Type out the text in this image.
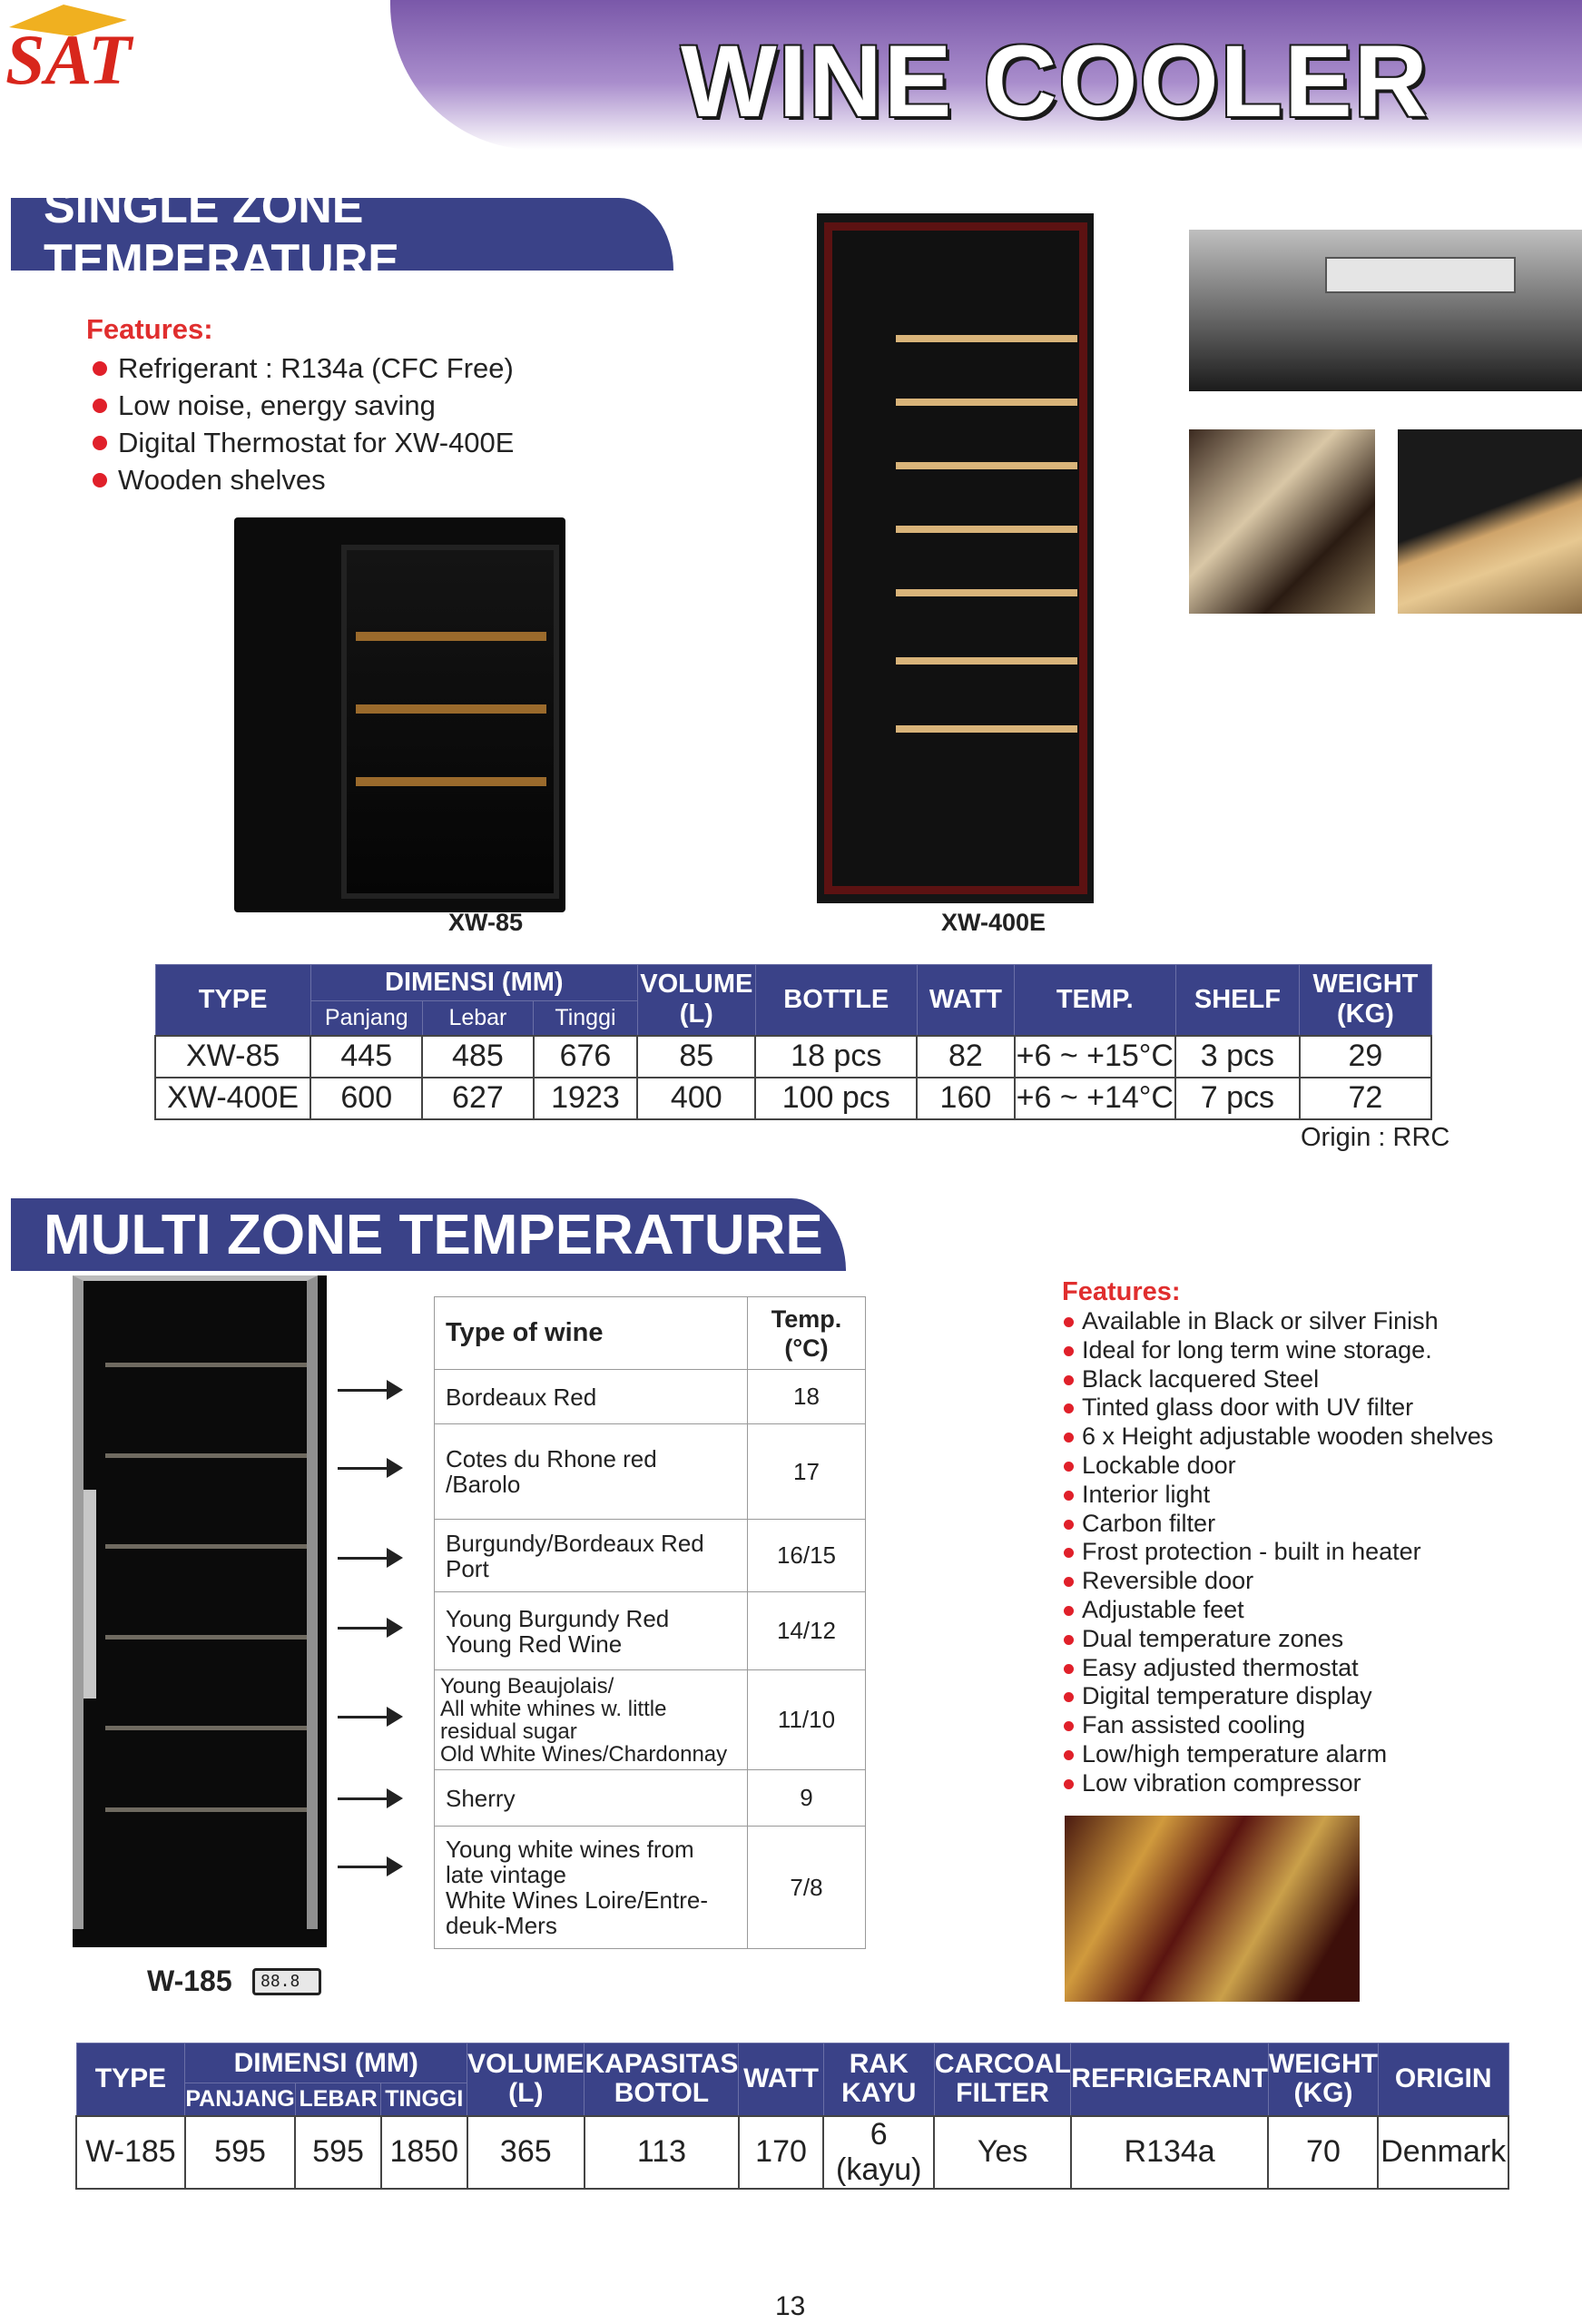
SAT	WINE COOLER
SINGLE ZONE TEMPERATURE
Features:
Refrigerant : R134a (CFC Free)
Low noise, energy saving
Digital Thermostat for XW-400E
Wooden shelves
XW-85	XW-400E
TYPE	DIMENSI (MM)			VOLUME (L)	BOTTLE	WATT	TEMP.	SHELF	WEIGHT (KG)
	Panjang	Lebar	Tinggi						
XW-85	445	485	676	85	18 pcs	82	+6 ~ +15°C	3 pcs	29
XW-400E	600	627	1923	400	100 pcs	160	+6 ~ +14°C	7 pcs	72
Origin : RRC
MULTI ZONE TEMPERATURE
W-185	88.8
Type of wine	Temp. (°C)
Bordeaux Red	18
Cotes du Rhone red
/Barolo	17
Burgundy/Bordeaux Red
Port	16/15
Young Burgundy Red
Young Red Wine	14/12
Young Beaujolais/
All white whines w. little
residual sugar
Old White Wines/Chardonnay	11/10
Sherry	9
Young white wines from
late vintage
White Wines Loire/Entre-
deuk-Mers	7/8
Features:
Available in Black or silver Finish
Ideal for long term wine storage.
Black lacquered Steel
Tinted glass door with UV filter
6 x Height adjustable wooden shelves
Lockable door
Interior light
Carbon filter
Frost protection - built in heater
Reversible door
Adjustable feet
Dual temperature zones
Easy adjusted thermostat
Digital temperature display
Fan assisted cooling
Low/high temperature alarm
Low vibration compressor
TYPE	DIMENSI (MM)			VOLUME (L)	KAPASITAS BOTOL	WATT	RAK KAYU	CARCOAL FILTER	REFRIGERANT	WEIGHT (KG)	ORIGIN
	PANJANG	LEBAR	TINGGI								
W-185	595	595	1850	365	113	170	6 (kayu)	Yes	R134a	70	Denmark
13
